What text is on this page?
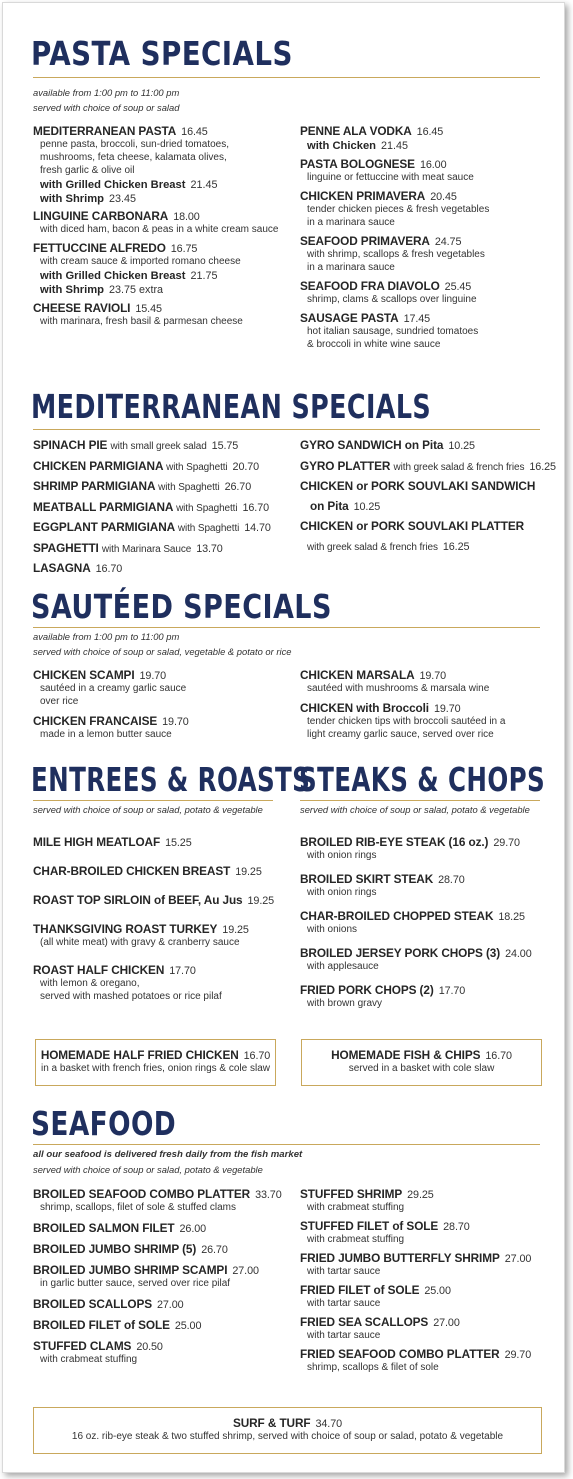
PASTA SPECIALS
available from 1:00 pm to 11:00 pm
served with choice of soup or salad
MEDITERRANEAN PASTA 16.45
penne pasta, broccoli, sun-dried tomatoes,
mushrooms, feta cheese, kalamata olives,
fresh garlic & olive oil
with Grilled Chicken Breast 21.45
with Shrimp 23.45
LINGUINE CARBONARA 18.00
with diced ham, bacon & peas in a white cream sauce
FETTUCCINE ALFREDO 16.75
with cream sauce & imported romano cheese
with Grilled Chicken Breast 21.75
with Shrimp 23.75 extra
CHEESE RAVIOLI 15.45
with marinara, fresh basil & parmesan cheese
PENNE ALA VODKA 16.45
with Chicken 21.45
PASTA BOLOGNESE 16.00
linguine or fettuccine with meat sauce
CHICKEN PRIMAVERA 20.45
tender chicken pieces & fresh vegetables
in a marinara sauce
SEAFOOD PRIMAVERA 24.75
with shrimp, scallops & fresh vegetables
in a marinara sauce
SEAFOOD FRA DIAVOLO 25.45
shrimp, clams & scallops over linguine
SAUSAGE PASTA 17.45
hot italian sausage, sundried tomatoes
& broccoli in white wine sauce
MEDITERRANEAN SPECIALS
SPINACH PIE with small greek salad 15.75
CHICKEN PARMIGIANA with Spaghetti 20.70
SHRIMP PARMIGIANA with Spaghetti 26.70
MEATBALL PARMIGIANA with Spaghetti 16.70
EGGPLANT PARMIGIANA with Spaghetti 14.70
SPAGHETTI with Marinara Sauce 13.70
LASAGNA 16.70
GYRO SANDWICH on Pita 10.25
GYRO PLATTER with greek salad & french fries 16.25
CHICKEN or PORK SOUVLAKI SANDWICH
on Pita 10.25
CHICKEN or PORK SOUVLAKI PLATTER
with greek salad & french fries 16.25
SAUTÉED SPECIALS
available from 1:00 pm to 11:00 pm
served with choice of soup or salad, vegetable & potato or rice
CHICKEN SCAMPI 19.70
sautéed in a creamy garlic sauce
over rice
CHICKEN FRANCAISE 19.70
made in a lemon butter sauce
CHICKEN MARSALA 19.70
sautéed with mushrooms & marsala wine
CHICKEN with Broccoli 19.70
tender chicken tips with broccoli sautéed in a
light creamy garlic sauce, served over rice
ENTREES & ROASTS
served with choice of soup or salad, potato & vegetable
MILE HIGH MEATLOAF 15.25
CHAR-BROILED CHICKEN BREAST 19.25
ROAST TOP SIRLOIN of BEEF, Au Jus 19.25
THANKSGIVING ROAST TURKEY 19.25
(all white meat) with gravy & cranberry sauce
ROAST HALF CHICKEN 17.70
with lemon & oregano,
served with mashed potatoes or rice pilaf
HOMEMADE HALF FRIED CHICKEN 16.70
in a basket with french fries, onion rings & cole slaw
STEAKS & CHOPS
served with choice of soup or salad, potato & vegetable
BROILED RIB-EYE STEAK (16 oz.) 29.70
with onion rings
BROILED SKIRT STEAK 28.70
with onion rings
CHAR-BROILED CHOPPED STEAK 18.25
with onions
BROILED JERSEY PORK CHOPS (3) 24.00
with applesauce
FRIED PORK CHOPS (2) 17.70
with brown gravy
HOMEMADE FISH & CHIPS 16.70
served in a basket with cole slaw
SEAFOOD
all our seafood is delivered fresh daily from the fish market
served with choice of soup or salad, potato & vegetable
BROILED SEAFOOD COMBO PLATTER 33.70
shrimp, scallops, filet of sole & stuffed clams
BROILED SALMON FILET 26.00
BROILED JUMBO SHRIMP (5) 26.70
BROILED JUMBO SHRIMP SCAMPI 27.00
in garlic butter sauce, served over rice pilaf
BROILED SCALLOPS 27.00
BROILED FILET of SOLE 25.00
STUFFED CLAMS 20.50
with crabmeat stuffing
STUFFED SHRIMP 29.25
with crabmeat stuffing
STUFFED FILET of SOLE 28.70
with crabmeat stuffing
FRIED JUMBO BUTTERFLY SHRIMP 27.00
with tartar sauce
FRIED FILET of SOLE 25.00
with tartar sauce
FRIED SEA SCALLOPS 27.00
with tartar sauce
FRIED SEAFOOD COMBO PLATTER 29.70
shrimp, scallops & filet of sole
SURF & TURF 34.70
16 oz. rib-eye steak & two stuffed shrimp, served with choice of soup or salad, potato & vegetable
